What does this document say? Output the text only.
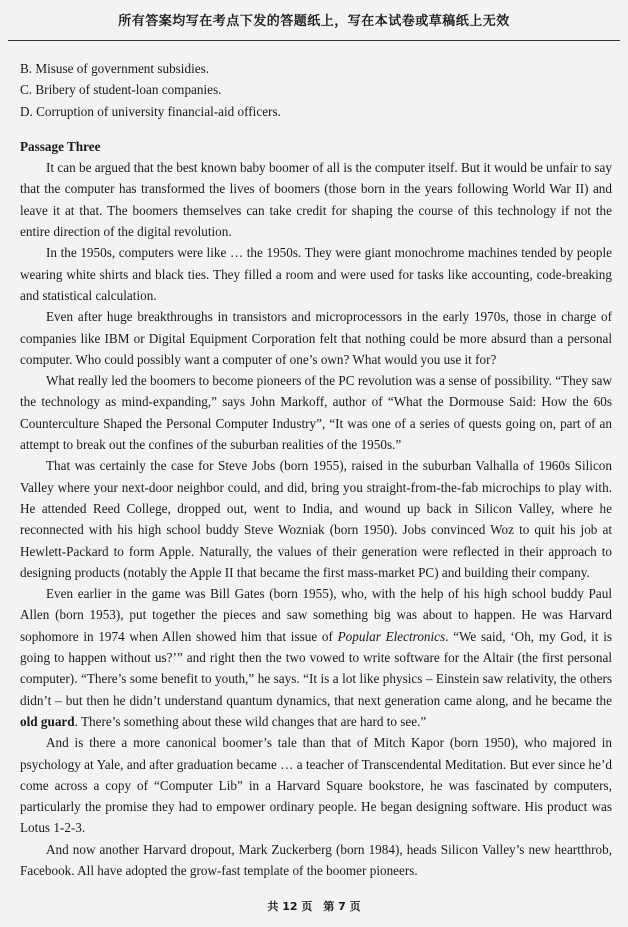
所有答案均写在考点下发的答题纸上，写在本试卷或草稿纸上无效

B. Misuse of government subsidies.

C. Bribery of student-loan companies.

D. Corruption of university financial-aid officers.

Passage Three

It can be argued that the best known baby boomer of all is the computer itself. But it would be unfair to say that the computer has transformed the lives of boomers (those born in the years following World War II) and leave it at that. The boomers themselves can take credit for shaping the course of this technology if not the entire direction of the digital revolution.

In the 1950s, computers were like … the 1950s. They were giant monochrome machines tended by people wearing white shirts and black ties. They filled a room and were used for tasks like accounting, code-breaking and statistical calculation.

Even after huge breakthroughs in transistors and microprocessors in the early 1970s, those in charge of companies like IBM or Digital Equipment Corporation felt that nothing could be more absurd than a personal computer. Who could possibly want a computer of one’s own? What would you use it for?

What really led the boomers to become pioneers of the PC revolution was a sense of possibility. “They saw the technology as mind-expanding,” says John Markoff, author of “What the Dormouse Said: How the 60s Counterculture Shaped the Personal Computer Industry”, “It was one of a series of quests going on, part of an attempt to break out the confines of the suburban realities of the 1950s.”

That was certainly the case for Steve Jobs (born 1955), raised in the suburban Valhalla of 1960s Silicon Valley where your next-door neighbor could, and did, bring you straight-from-the-fab microchips to play with. He attended Reed College, dropped out, went to India, and wound up back in Silicon Valley, where he reconnected with his high school buddy Steve Wozniak (born 1950). Jobs convinced Woz to quit his job at Hewlett-Packard to form Apple. Naturally, the values of their generation were reflected in their approach to designing products (notably the Apple II that became the first mass-market PC) and building their company.

Even earlier in the game was Bill Gates (born 1955), who, with the help of his high school buddy Paul Allen (born 1953), put together the pieces and saw something big was about to happen. He was Harvard sophomore in 1974 when Allen showed him that issue of Popular Electronics. “We said, ‘Oh, my God, it is going to happen without us?’” and right then the two vowed to write software for the Altair (the first personal computer). “There’s some benefit to youth,” he says. “It is a lot like physics – Einstein saw relativity, the others didn’t – but then he didn’t understand quantum dynamics, that next generation came along, and he became the old guard. There’s something about these wild changes that are hard to see.”

And is there a more canonical boomer’s tale than that of Mitch Kapor (born 1950), who majored in psychology at Yale, and after graduation became … a teacher of Transcendental Meditation. But ever since he’d come across a copy of “Computer Lib” in a Harvard Square bookstore, he was fascinated by computers, particularly the promise they had to empower ordinary people. He began designing software. His product was Lotus 1-2-3.

And now another Harvard dropout, Mark Zuckerberg (born 1984), heads Silicon Valley’s new heartthrob, Facebook. All have adopted the grow-fast template of the boomer pioneers.

共 12 页　第 7 页
